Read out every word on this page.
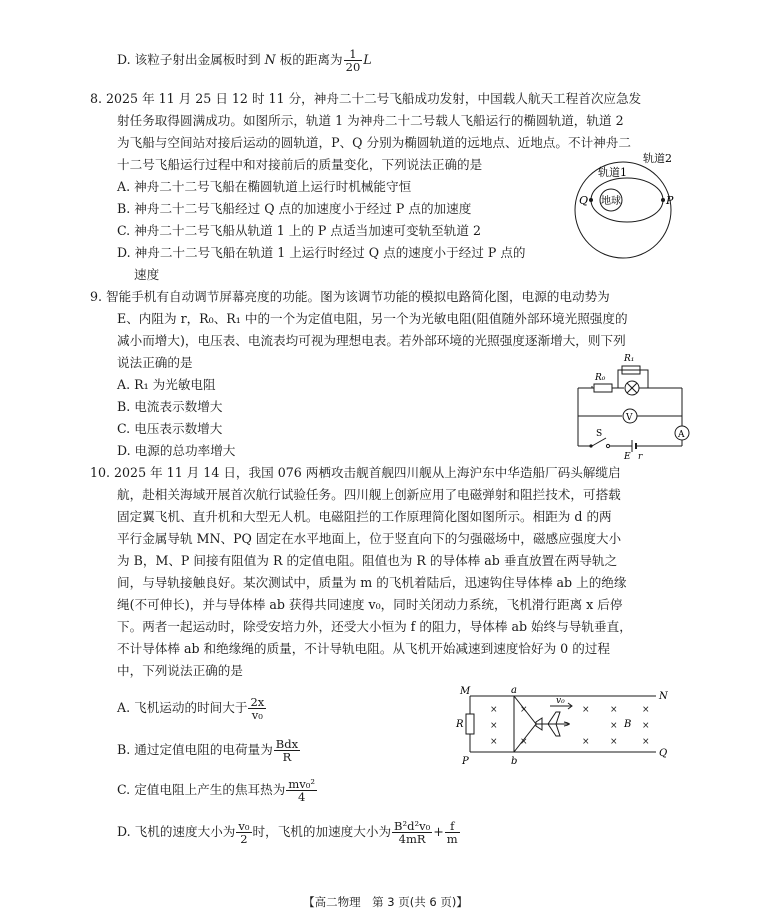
D. 该粒子射出金属板时到 N 板的距离为 $\frac{1}{20}$ L
8. 2025 年 11 月 25 日 12 时 11 分，神舟二十二号飞船成功发射，中国载人航天工程首次应急发
射任务取得圆满成功。如图所示，轨道 1 为神舟二十二号载人飞船运行的椭圆轨道，轨道 2
为飞船与空间站对接后运动的圆轨道，P、Q 分别为椭圆轨道的远地点、近地点。不计神舟二
十二号飞船运行过程中和对接前后的质量变化，下列说法正确的是
A. 神舟二十二号飞船在椭圆轨道上运行时机械能守恒
B. 神舟二十二号飞船经过 Q 点的加速度小于经过 P 点的加速度
C. 神舟二十二号飞船从轨道 1 上的 P 点适当加速可变轨至轨道 2
D. 神舟二十二号飞船在轨道 1 上运行时经过 Q 点的速度小于经过 P 点的
速度
轨道2
轨道1
地球
Q	P
9. 智能手机有自动调节屏幕亮度的功能。图为该调节功能的模拟电路简化图，电源的电动势为
E、内阻为 r，R₀、R₁ 中的一个为定值电阻，另一个为光敏电阻(阻值随外部环境光照强度的
减小而增大)，电压表、电流表均可视为理想电表。若外部环境的光照强度逐渐增大，则下列
说法正确的是
A. R₁ 为光敏电阻
B. 电流表示数增大
C. 电压表示数增大
D. 电源的总功率增大
R₁
R₀
V
A
S
E r
10. 2025 年 11 月 14 日，我国 076 两栖攻击舰首舰四川舰从上海沪东中华造船厂码头解缆启
航，赴相关海域开展首次航行试验任务。四川舰上创新应用了电磁弹射和阻拦技术，可搭载
固定翼飞机、直升机和大型无人机。电磁阻拦的工作原理简化图如图所示。相距为 d 的两
平行金属导轨 MN、PQ 固定在水平地面上，位于竖直向下的匀强磁场中，磁感应强度大小
为 B，M、P 间接有阻值为 R 的定值电阻。阻值也为 R 的导体棒 ab 垂直放置在两导轨之
间，与导轨接触良好。某次测试中，质量为 m 的飞机着陆后，迅速钩住导体棒 ab 上的绝缘
绳(不可伸长)，并与导体棒 ab 获得共同速度 v₀，同时关闭动力系统，飞机滑行距离 x 后停
下。两者一起运动时，除受安培力外，还受大小恒为 f 的阻力，导体棒 ab 始终与导轨垂直，
不计导体棒 ab 和绝缘绳的质量，不计导轨电阻。从飞机开始减速到速度恰好为 0 的过程
中，下列说法正确的是
A. 飞机运动的时间大于 $\frac{2x}{\text{v₀}}$
B. 通过定值电阻的电荷量为 $\frac{\text{Bdx}}{R}$
C. 定值电阻上产生的焦耳热为 $\frac{\text{mv₀²}}{4}$
D. 飞机的速度大小为 $\frac{\text{v₀}}{2}$ 时，飞机的加速度大小为 $\frac{\text{B²d²v₀}}{4mR} + \frac{f}{m}$
M	N
P
Q
a
b
R	B
v₀
×
×
×
×
×
×
×
×
×
×
×
×
×
【高二物理　第 3 页(共 6 页)】
